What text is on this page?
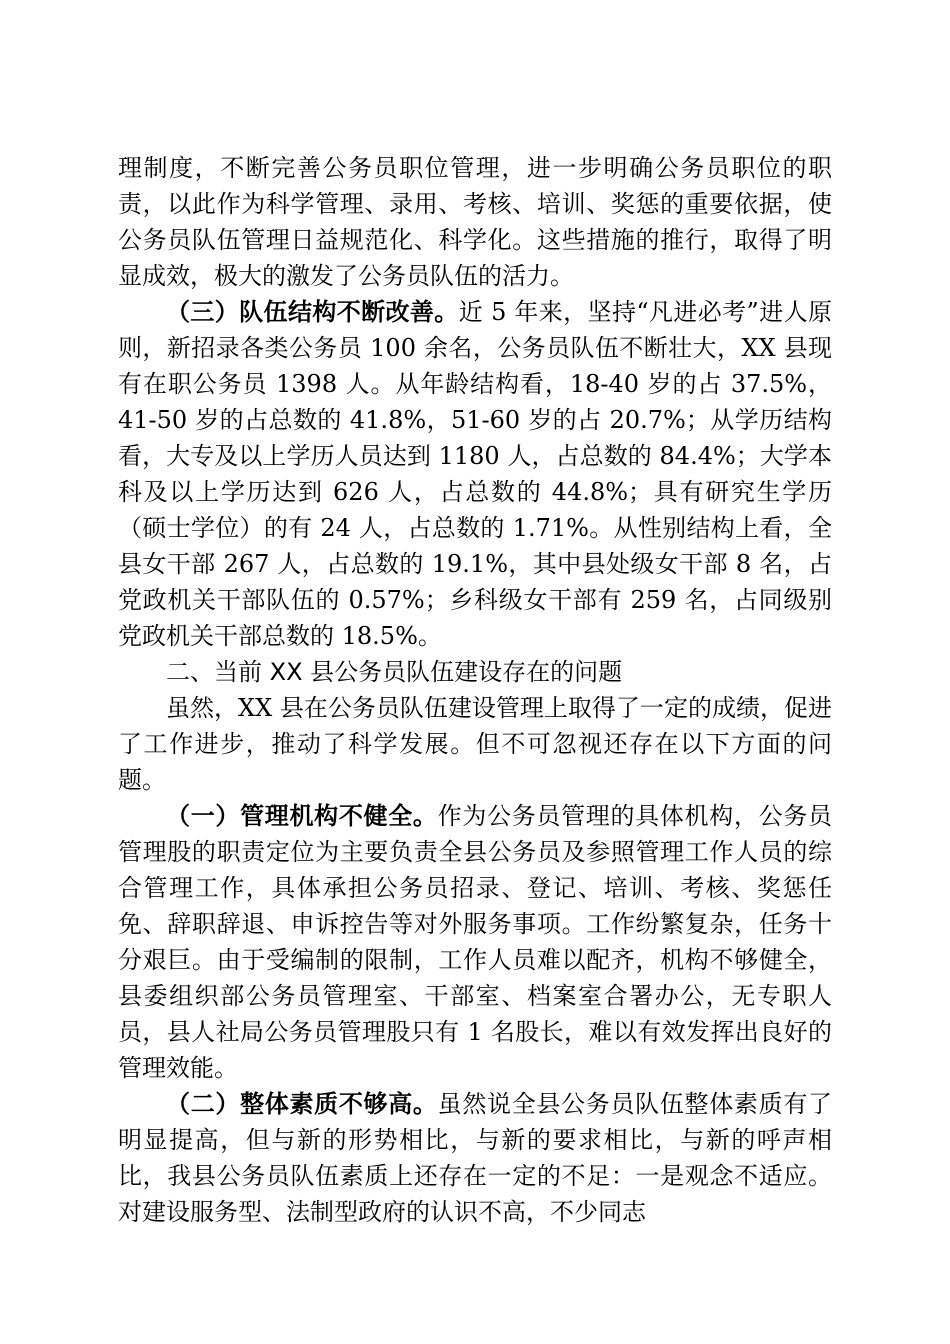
理制度，不断完善公务员职位管理，进一步明确公务员职位的职责，以此作为科学管理、录用、考核、培训、奖惩的重要依据，使公务员队伍管理日益规范化、科学化。这些措施的推行，取得了明显成效，极大的激发了公务员队伍的活力。

（三）队伍结构不断改善。近 5 年来，坚持“凡进必考”进人原则，新招录各类公务员 100 余名，公务员队伍不断壮大，XX 县现有在职公务员 1398 人。从年龄结构看，18-40 岁的占 37.5%，41-50 岁的占总数的 41.8%，51-60 岁的占 20.7%；从学历结构看，大专及以上学历人员达到 1180 人，占总数的 84.4%；大学本科及以上学历达到 626 人，占总数的 44.8%；具有研究生学历（硕士学位）的有 24 人，占总数的 1.71%。从性别结构上看，全县女干部 267 人，占总数的 19.1%，其中县处级女干部 8 名，占党政机关干部队伍的 0.57%；乡科级女干部有 259 名，占同级别党政机关干部总数的 18.5%。

二、当前 XX 县公务员队伍建设存在的问题

虽然，XX 县在公务员队伍建设管理上取得了一定的成绩，促进了工作进步，推动了科学发展。但不可忽视还存在以下方面的问题。

（一）管理机构不健全。作为公务员管理的具体机构，公务员管理股的职责定位为主要负责全县公务员及参照管理工作人员的综合管理工作，具体承担公务员招录、登记、培训、考核、奖惩任免、辞职辞退、申诉控告等对外服务事项。工作纷繁复杂，任务十分艰巨。由于受编制的限制，工作人员难以配齐，机构不够健全，县委组织部公务员管理室、干部室、档案室合署办公，无专职人员，县人社局公务员管理股只有 1 名股长，难以有效发挥出良好的管理效能。

（二）整体素质不够高。虽然说全县公务员队伍整体素质有了明显提高，但与新的形势相比，与新的要求相比，与新的呼声相比，我县公务员队伍素质上还存在一定的不足：一是观念不适应。对建设服务型、法制型政府的认识不高，不少同志
